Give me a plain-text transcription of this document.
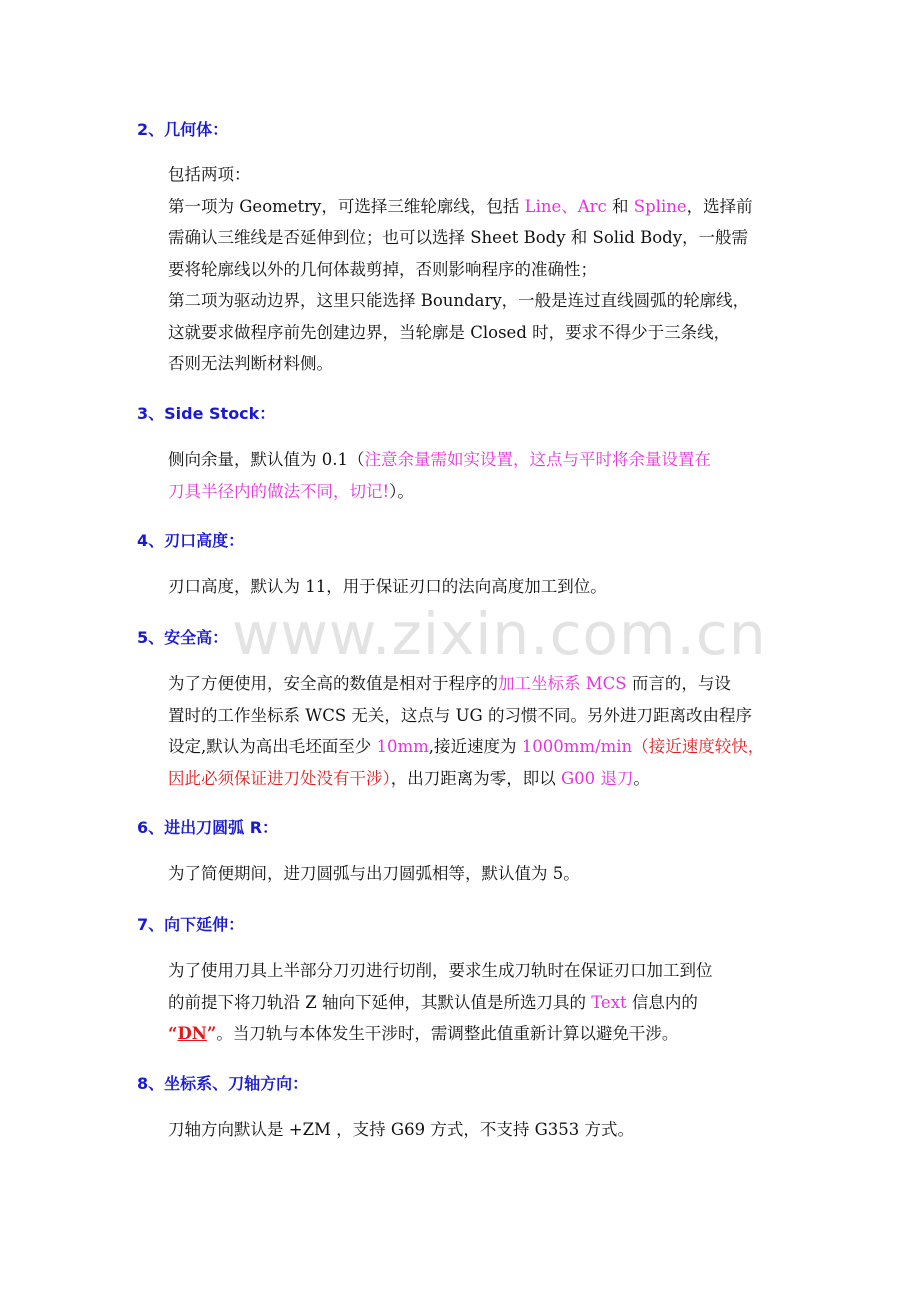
www.zixin.com.cn
2、几何体：
包括两项：
第一项为 Geometry，可选择三维轮廓线，包括 Line、Arc 和 Spline，选择前
需确认三维线是否延伸到位；也可以选择 Sheet Body 和 Solid Body，一般需
要将轮廓线以外的几何体裁剪掉，否则影响程序的准确性；
第二项为驱动边界，这里只能选择 Boundary，一般是连过直线圆弧的轮廓线，
这就要求做程序前先创建边界，当轮廓是 Closed 时，要求不得少于三条线，
否则无法判断材料侧。
3、Side Stock：
侧向余量，默认值为 0.1（注意余量需如实设置，这点与平时将余量设置在
刀具半径内的做法不同，切记!）。
4、刃口高度：
刃口高度，默认为 11，用于保证刃口的法向高度加工到位。
5、安全高：
为了方便使用，安全高的数值是相对于程序的加工坐标系 MCS 而言的，与设
置时的工作坐标系 WCS 无关，这点与 UG 的习惯不同。另外进刀距离改由程序
设定,默认为高出毛坯面至少 10mm,接近速度为 1000mm/min（接近速度较快，
因此必须保证进刀处没有干涉），出刀距离为零，即以 G00 退刀。
6、进出刀圆弧 R：
为了简便期间，进刀圆弧与出刀圆弧相等，默认值为 5。
7、向下延伸：
为了使用刀具上半部分刀刃进行切削，要求生成刀轨时在保证刃口加工到位
的前提下将刀轨沿 Z 轴向下延伸，其默认值是所选刀具的 Text 信息内的
“DN”。当刀轨与本体发生干涉时，需调整此值重新计算以避免干涉。
8、坐标系、刀轴方向：
刀轴方向默认是 +ZM ，支持 G69 方式，不支持 G353 方式。
